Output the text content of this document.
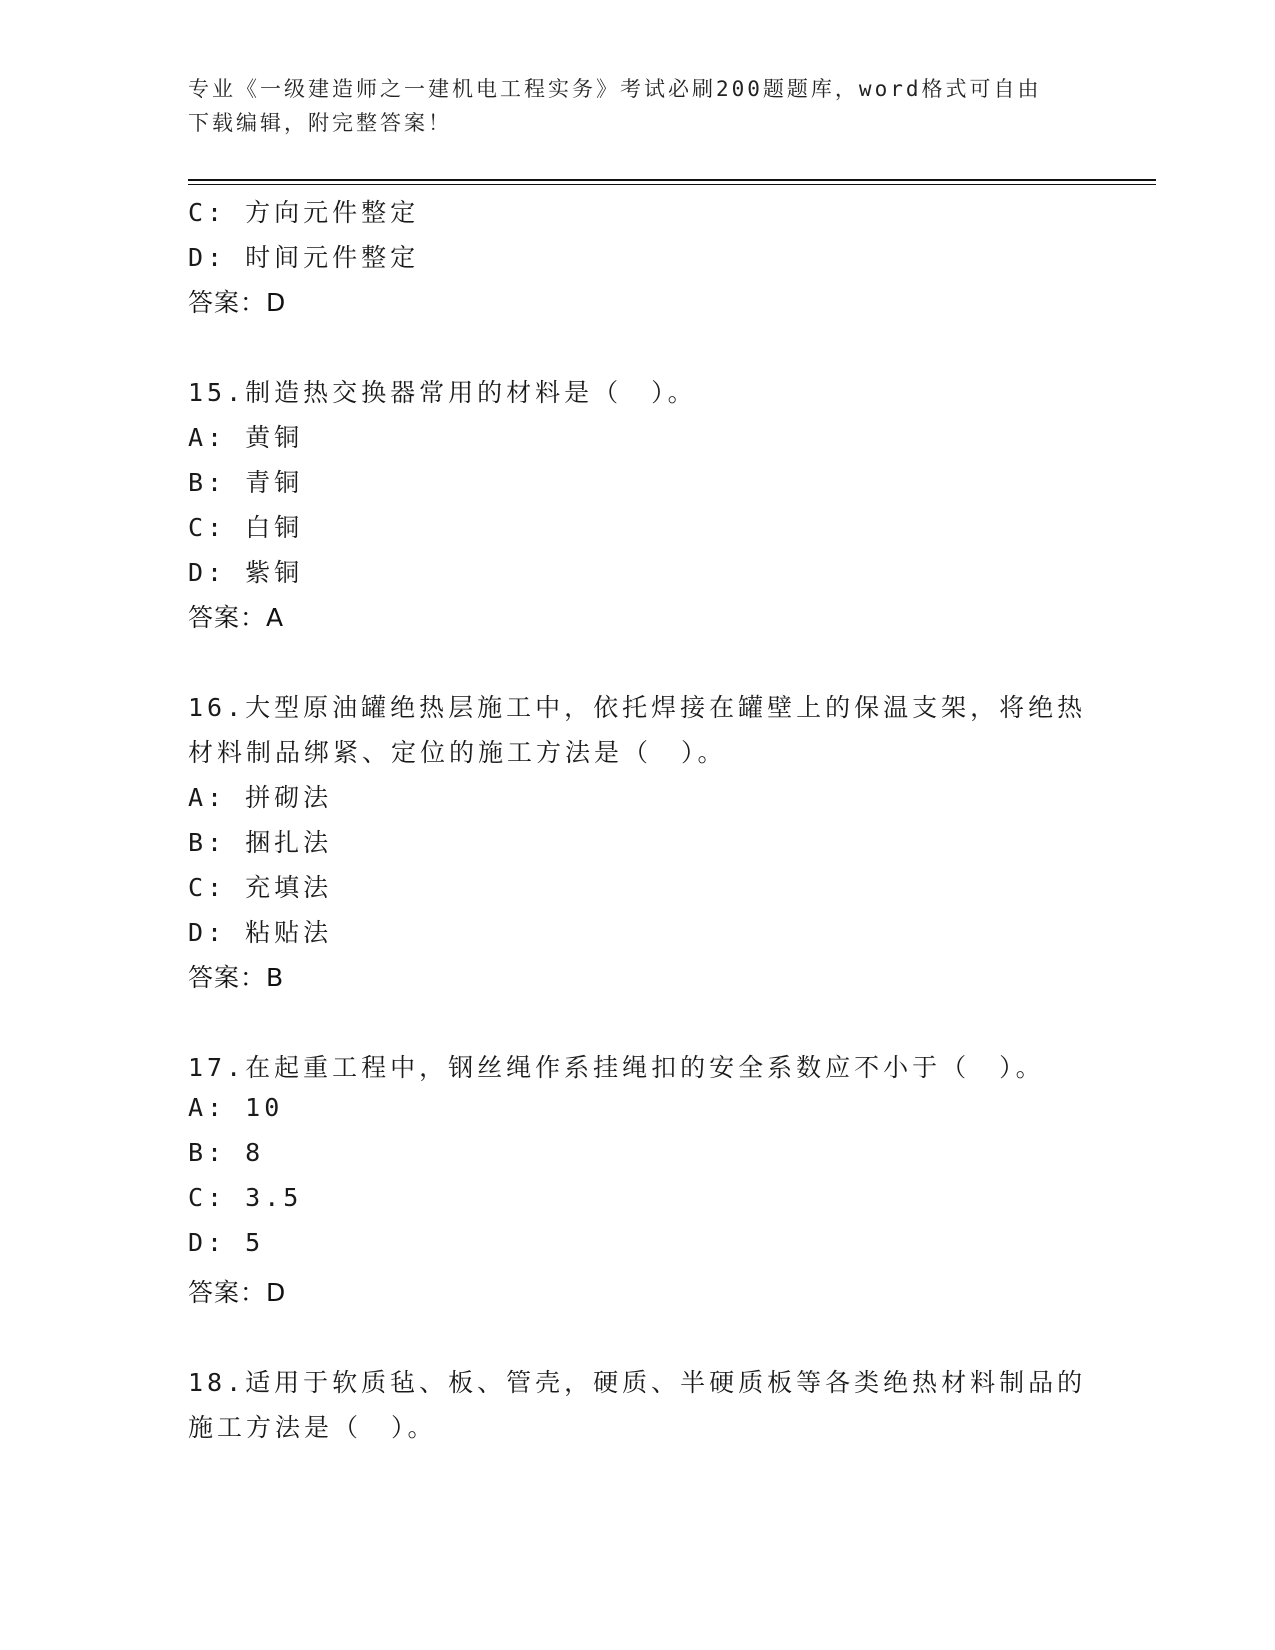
专业《一级建造师之一建机电工程实务》考试必刷200题题库，word格式可自由
下载编辑，附完整答案！
C: 方向元件整定
D: 时间元件整定
答案：D
15.制造热交换器常用的材料是（　）。
A: 黄铜
B: 青铜
C: 白铜
D: 紫铜
答案：A
16.大型原油罐绝热层施工中，依托焊接在罐壁上的保温支架，将绝热
材料制品绑紧、定位的施工方法是（　）。
A: 拼砌法
B: 捆扎法
C: 充填法
D: 粘贴法
答案：B
17.在起重工程中，钢丝绳作系挂绳扣的安全系数应不小于（　）。
A: 10
B: 8
C: 3.5
D: 5
答案：D
18.适用于软质毡、板、管壳，硬质、半硬质板等各类绝热材料制品的
施工方法是（　）。
